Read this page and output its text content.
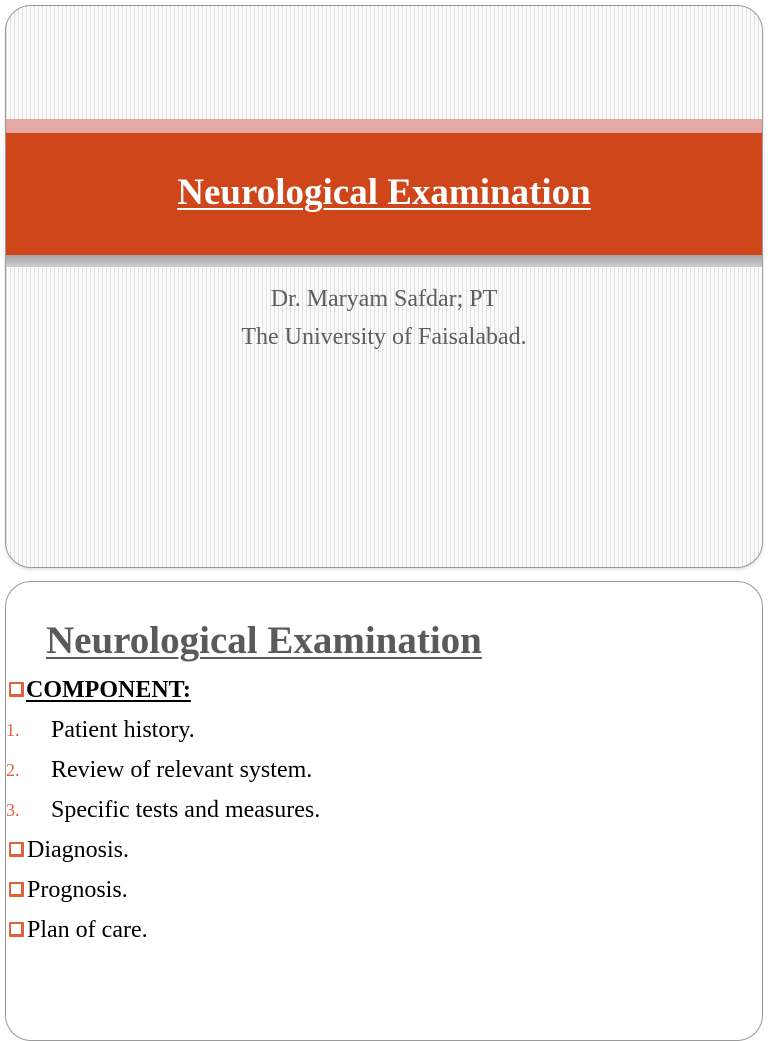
Neurological Examination
Dr. Maryam Safdar; PT
The University of Faisalabad.
Neurological Examination
COMPONENT:
1. Patient history.
2. Review of relevant system.
3. Specific tests and measures.
Diagnosis.
Prognosis.
Plan of care.
